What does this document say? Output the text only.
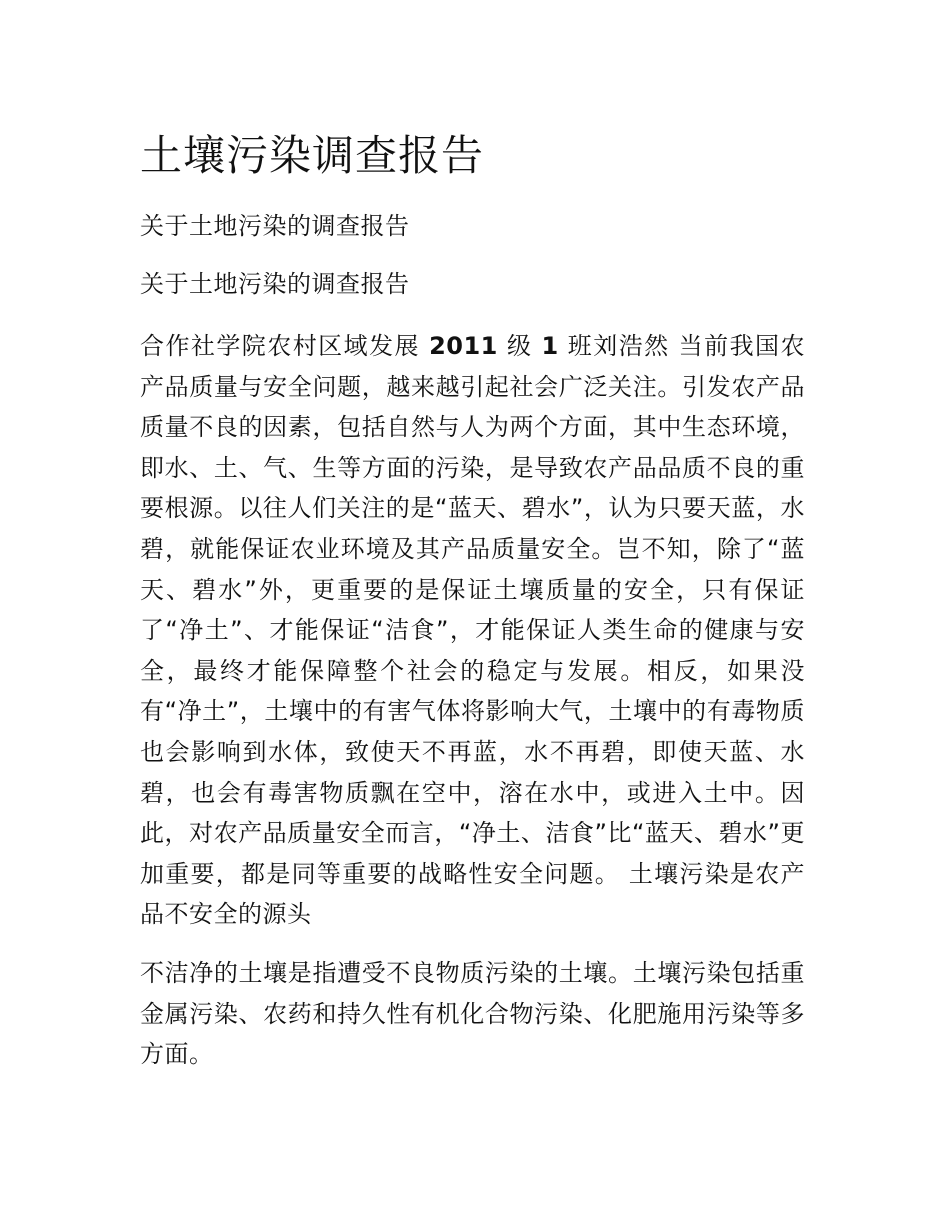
土壤污染调查报告
关于土地污染的调查报告
关于土地污染的调查报告

合作社学院农村区域发展 2011 级 1 班刘浩然 当前我国农产品质量与安全问题，越来越引起社会广泛关注。引发农产品质量不良的因素，包括自然与人为两个方面，其中生态环境，即水、土、气、生等方面的污染，是导致农产品品质不良的重要根源。以往人们关注的是“蓝天、碧水”，认为只要天蓝，水碧，就能保证农业环境及其产品质量安全。岂不知，除了“蓝天、碧水”外，更重要的是保证土壤质量的安全，只有保证了“净土”、才能保证“洁食”，才能保证人类生命的健康与安全，最终才能保障整个社会的稳定与发展。相反，如果没有“净土”，土壤中的有害气体将影响大气，土壤中的有毒物质也会影响到水体，致使天不再蓝，水不再碧，即使天蓝、水碧，也会有毒害物质飘在空中，溶在水中，或进入土中。因此，对农产品质量安全而言，“净土、洁食”比“蓝天、碧水”更加重要，都是同等重要的战略性安全问题。 土壤污染是农产品不安全的源头

不洁净的土壤是指遭受不良物质污染的土壤。土壤污染包括重金属污染、农药和持久性有机化合物污染、化肥施用污染等多方面。
